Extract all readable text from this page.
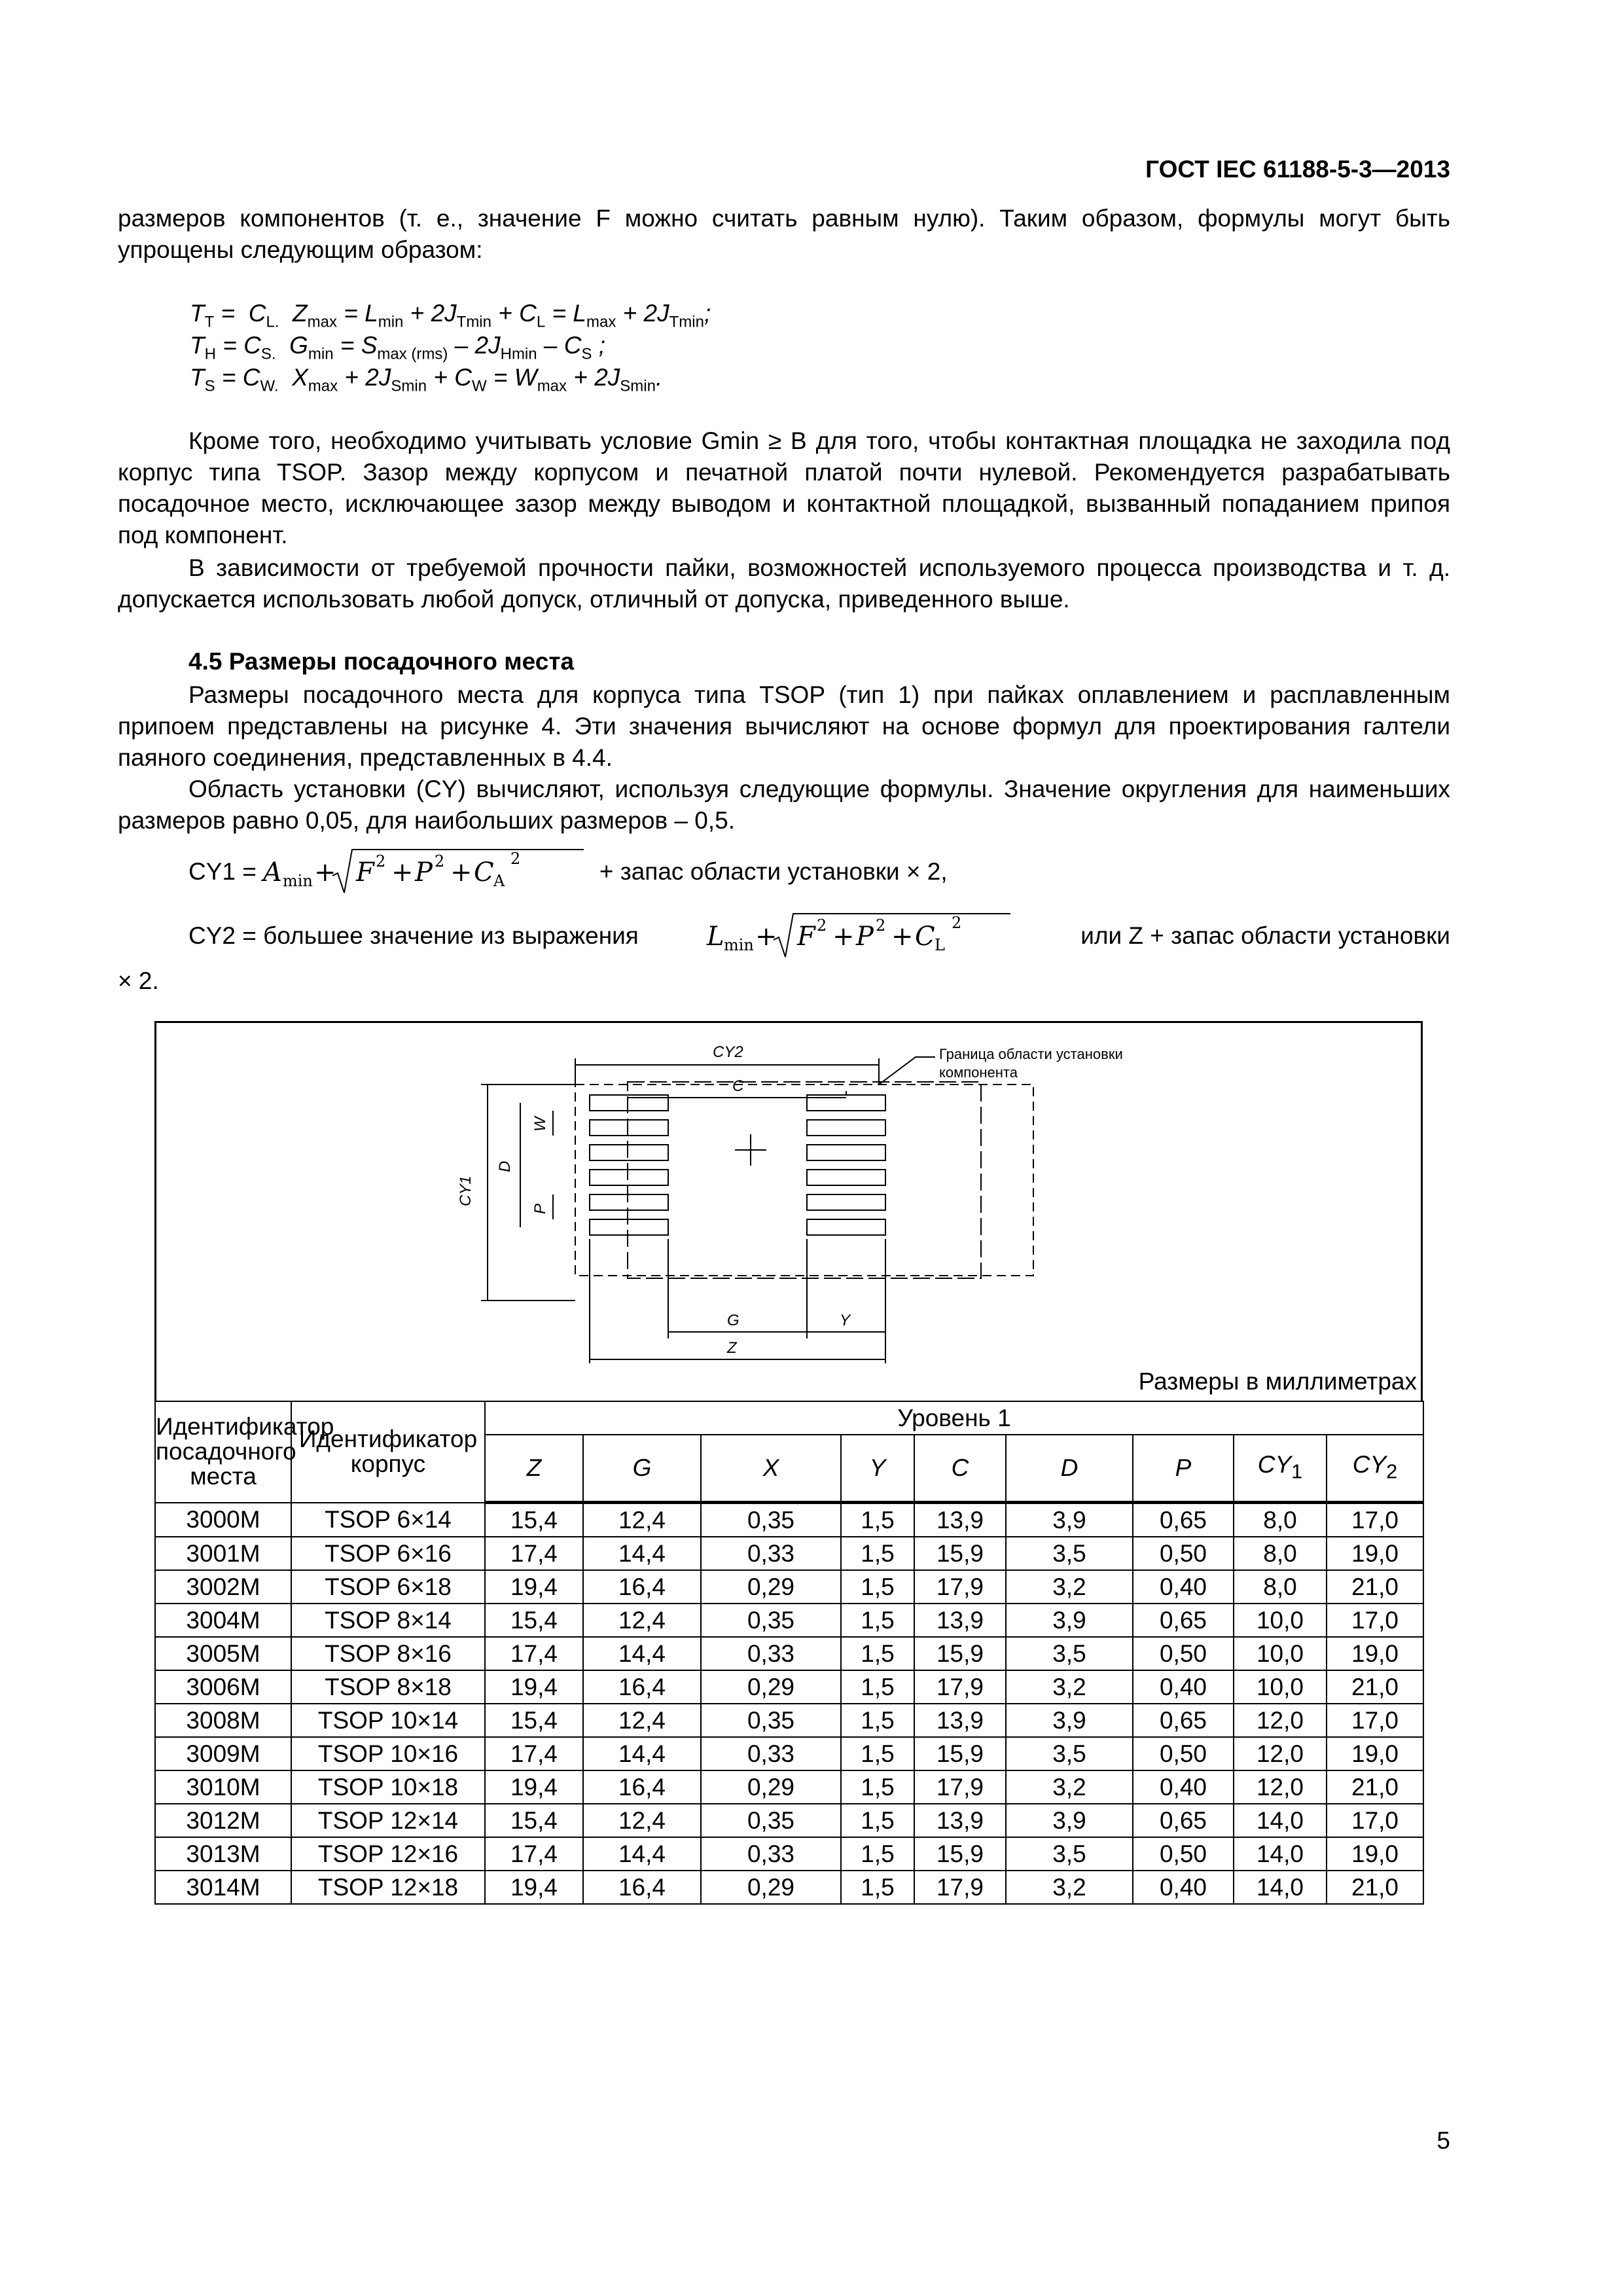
ГОСТ IEC 61188-5-3—2013

размеров компонентов (т. е., значение F можно считать равным нулю). Таким образом, формулы могут быть упрощены следующим образом:

$T_T = C_{L.}$  $Z_{max} = L_{min} + 2J_{Tmin} + C_L = L_{max} + 2J_{Tmin}$;
$T_H = C_{S.}$  $G_{min} = S_{max (rms)} - 2J_{Hmin} - C_S$ ;
$T_S = C_{W.}$  $X_{max} + 2J_{Smin} + C_W = W_{max} + 2J_{Smin}$.

Кроме того, необходимо учитывать условие Gmin ≥ B для того, чтобы контактная площадка не заходила под корпус типа TSOP. Зазор между корпусом и печатной платой почти нулевой. Рекомендуется разрабатывать посадочное место, исключающее зазор между выводом и контактной площадкой, вызванный попаданием припоя под компонент.

В зависимости от требуемой прочности пайки, возможностей используемого процесса производства и т. д. допускается использовать любой допуск, отличный от допуска, приведенного выше.

4.5 Размеры посадочного места

Размеры посадочного места для корпуса типа TSOP (тип 1) при пайках оплавлением и расплавленным припоем представлены на рисунке 4. Эти значения вычисляют на основе формул для проектирования галтели паяного соединения, представленных в 4.4.

Область установки (CY) вычисляют, используя следующие формулы. Значение округления для наименьших размеров равно 0,05, для наибольших размеров – 0,5.

CY1 = A min + F 2 + P 2 + C A
2	+ запас области установки × 2,
CY2 = большее значение из выражения	L min + F 2 + P 2 + C L
2	или Z + запас области установки
× 2.
CY2
C
CY1
D
W
P
G	Y
Z
Граница области установки компонента
Размеры в миллиметрах
Идентификатор посадочного места	Идентификатор корпус	Уровень 1								
		Z	G	X	Y	C	D	P	$CY_1$	$CY_2$
3000M	TSOP 6×14	15,4	12,4	0,35	1,5	13,9	3,9	0,65	8,0	17,0
3001M	TSOP 6×16	17,4	14,4	0,33	1,5	15,9	3,5	0,50	8,0	19,0
3002M	TSOP 6×18	19,4	16,4	0,29	1,5	17,9	3,2	0,40	8,0	21,0
3004M	TSOP 8×14	15,4	12,4	0,35	1,5	13,9	3,9	0,65	10,0	17,0
3005M	TSOP 8×16	17,4	14,4	0,33	1,5	15,9	3,5	0,50	10,0	19,0
3006M	TSOP 8×18	19,4	16,4	0,29	1,5	17,9	3,2	0,40	10,0	21,0
3008M	TSOP 10×14	15,4	12,4	0,35	1,5	13,9	3,9	0,65	12,0	17,0
3009M	TSOP 10×16	17,4	14,4	0,33	1,5	15,9	3,5	0,50	12,0	19,0
3010M	TSOP 10×18	19,4	16,4	0,29	1,5	17,9	3,2	0,40	12,0	21,0
3012M	TSOP 12×14	15,4	12,4	0,35	1,5	13,9	3,9	0,65	14,0	17,0
3013M	TSOP 12×16	17,4	14,4	0,33	1,5	15,9	3,5	0,50	14,0	19,0
3014M	TSOP 12×18	19,4	16,4	0,29	1,5	17,9	3,2	0,40	14,0	21,0
5
